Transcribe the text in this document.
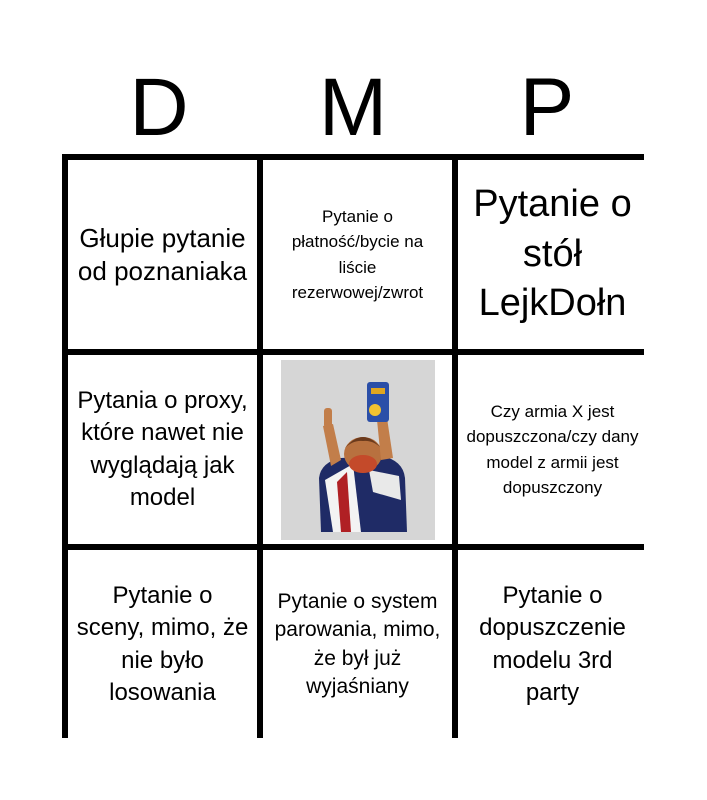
D	M	P
Głupie pytanie od poznaniaka
Pytanie o płatność/bycie na liście rezerwowej/zwrot
Pytanie o stół LejkDołn
Pytania o proxy, które nawet nie wyglądają jak model
Czy armia X jest dopuszczona/czy dany model z armii jest dopuszczony
Pytanie o sceny, mimo, że nie było losowania
Pytanie o system parowania, mimo, że był już wyjaśniany
Pytanie o dopuszczenie modelu 3rd party
